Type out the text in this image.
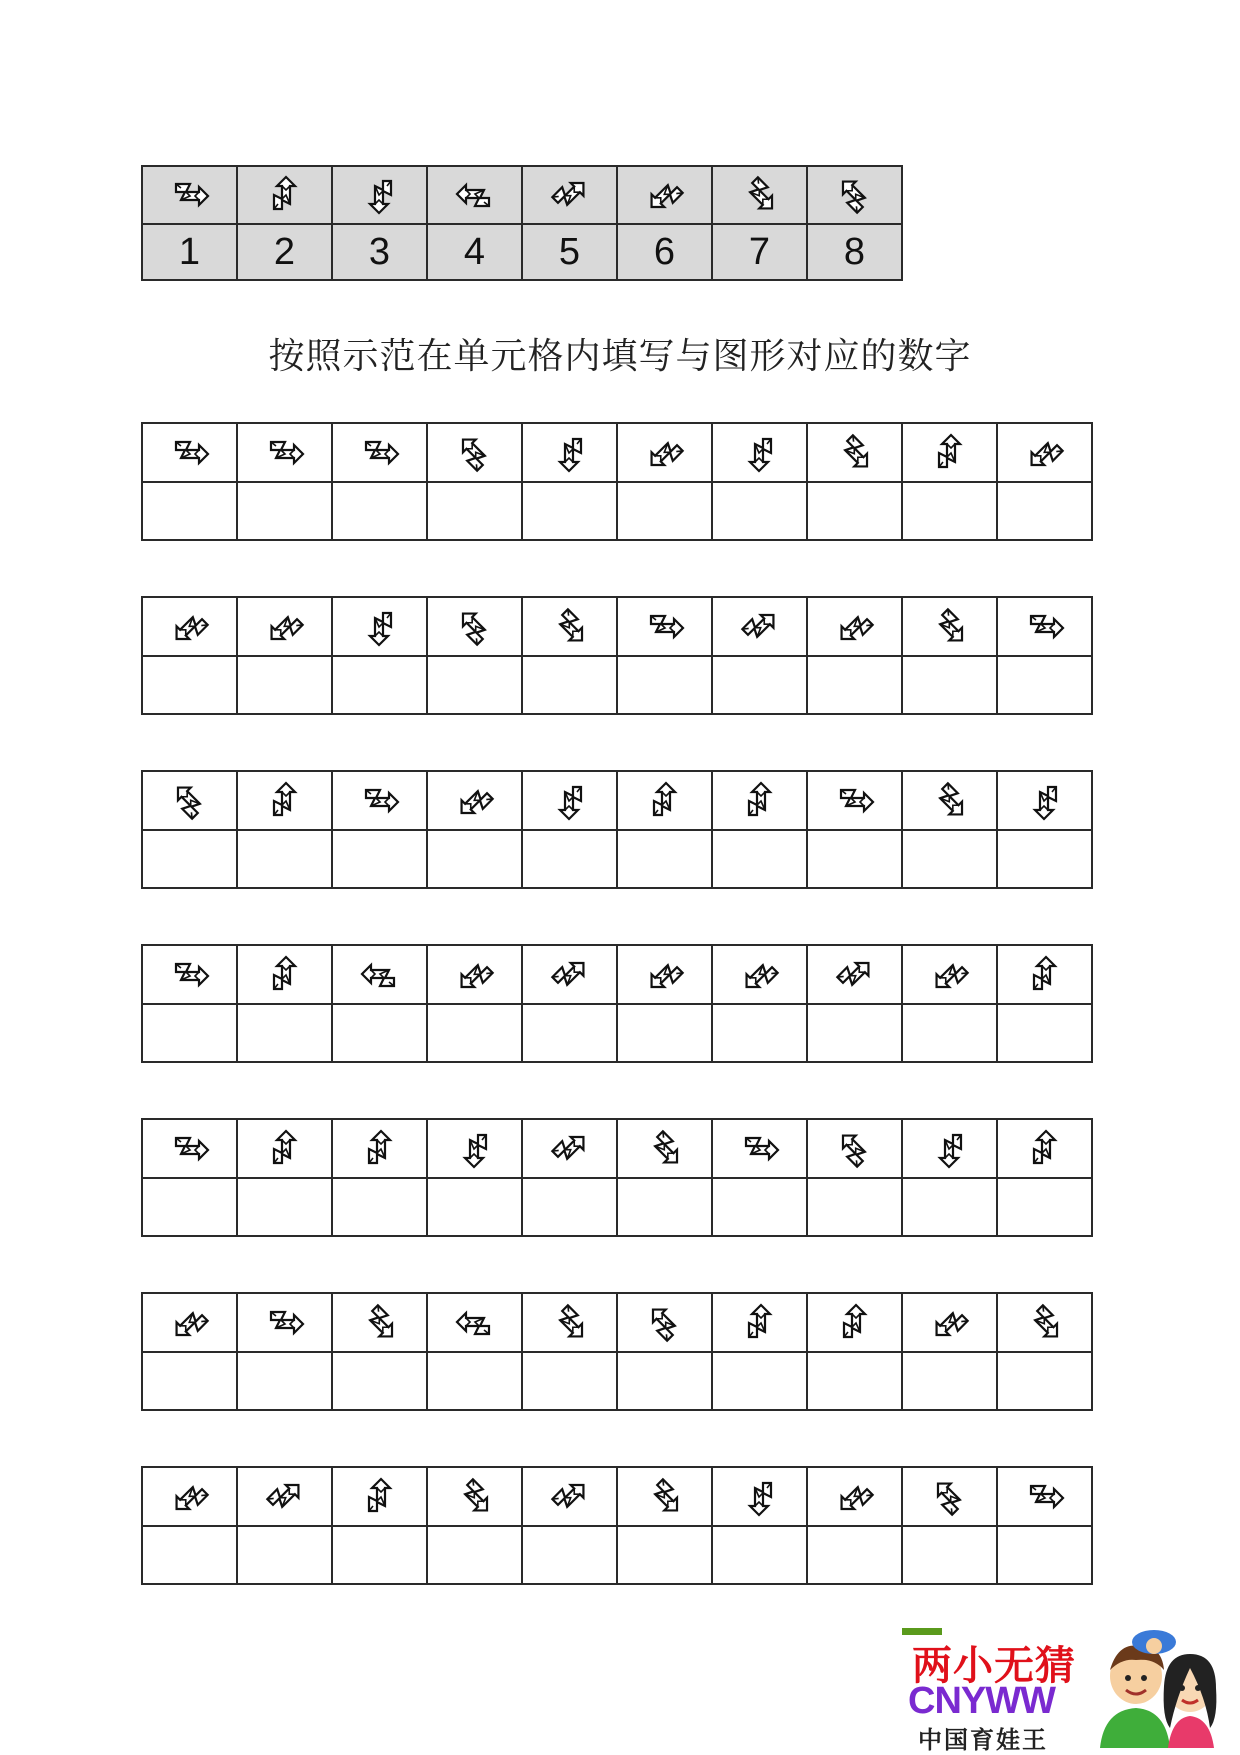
1	2	3	4	5	6	7	8
按照示范在单元格内填写与图形对应的数字

两小无猜
CNYWW
中国育娃王
